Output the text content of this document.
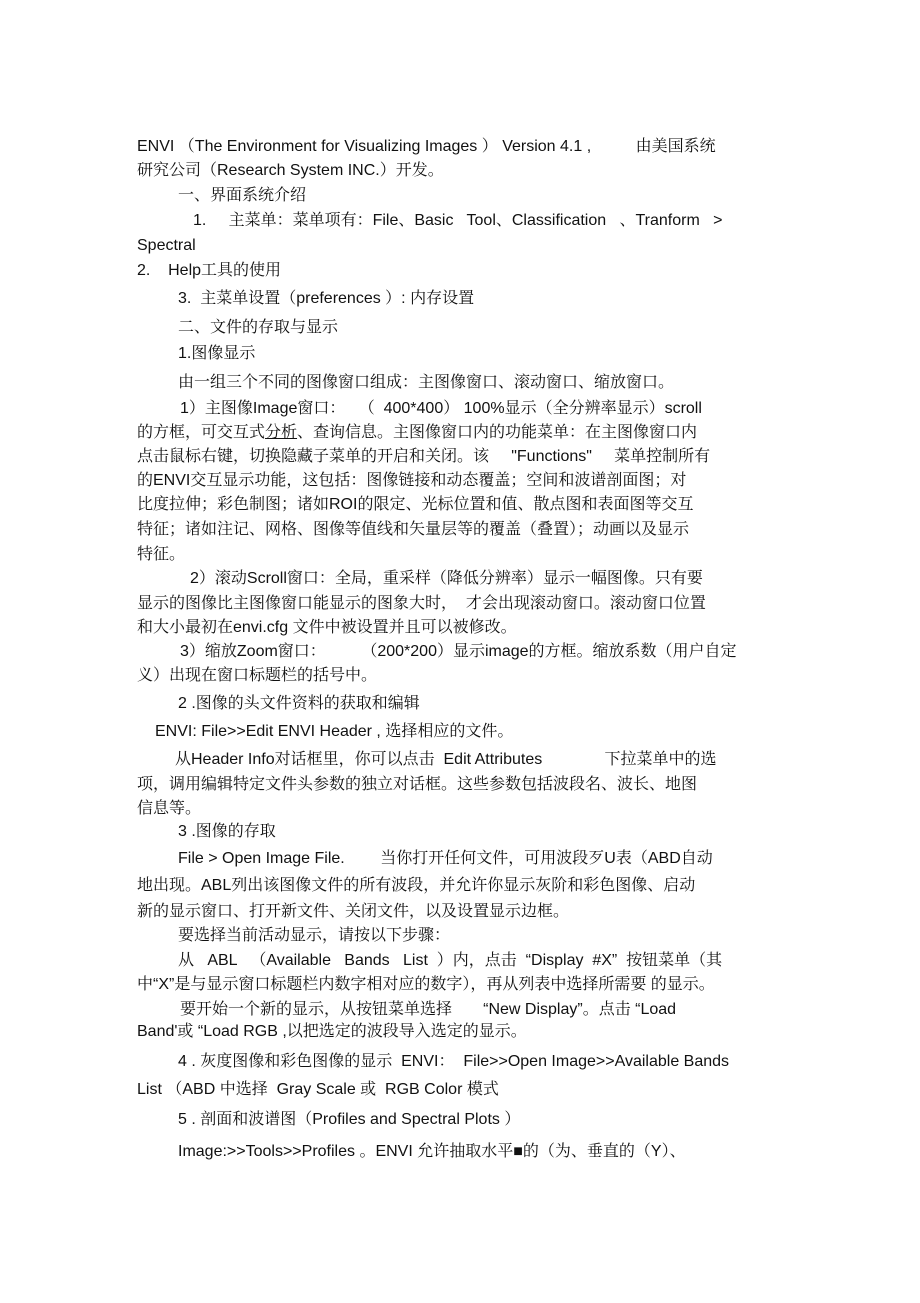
ENVI （The Environment for Visualizing Images ） Version 4.1 ,          由美国系统
研究公司（Research System INC.）开发。
一、界面系统介绍
1.     主菜单：菜单项有：File、Basic   Tool、Classification   、Tranform   >
Spectral
2.    Help工具的使用
3.  主菜单设置（preferences ）: 内存设置
二、文件的存取与显示
1.图像显示
由一组三个不同的图像窗口组成：主图像窗口、滚动窗口、缩放窗口。
1）主图像Image窗口：   （  400*400） 100%显示（全分辨率显示）scroll
的方框，可交互式分析、查询信息。主图像窗口内的功能菜单：在主图像窗口内
点击鼠标右键，切换隐藏子菜单的开启和关闭。该     "Functions"     菜单控制所有
的ENVI交互显示功能，这包括：图像链接和动态覆盖；空间和波谱剖面图；对
比度拉伸；彩色制图；诸如ROI的限定、光标位置和值、散点图和表面图等交互
特征；诸如注记、网格、图像等值线和矢量层等的覆盖（叠置）；动画以及显示
特征。
2）滚动Scroll窗口：全局，重采样（降低分辨率）显示一幅图像。只有要
显示的图像比主图像窗口能显示的图象大时，  才会出现滚动窗口。滚动窗口位置
和大小最初在envi.cfg 文件中被设置并且可以被修改。
3）缩放Zoom窗口：        （200*200）显示image的方框。缩放系数（用户自定
义）出现在窗口标题栏的括号中。
2 .图像的头文件资料的获取和编辑
ENVI: File>>Edit ENVI Header , 选择相应的文件。
从Header Info对话框里，你可以点击  Edit Attributes              下拉菜单中的选
项，调用编辑特定文件头参数的独立对话框。这些参数包括波段名、波长、地图
信息等。
3 .图像的存取
File > Open Image File.        当你打开任何文件，可用波段歹U表（ABD自动
地出现。ABL列出该图像文件的所有波段，并允许你显示灰阶和彩色图像、启动
新的显示窗口、打开新文件、关闭文件，以及设置显示边框。
要选择当前活动显示，请按以下步骤：
从   ABL   （Available   Bands   List  ）内，点击  “Display  #X”  按钮菜单（其
中“X”是与显示窗口标题栏内数字相对应的数字），再从列表中选择所需要 的显示。
要开始一个新的显示，从按钮菜单选择       “New Display”。点击 “Load
Band'或 “Load RGB ,以把选定的波段导入选定的显示。
4 . 灰度图像和彩色图像的显示  ENVI：  File>>Open Image>>Available Bands
List （ABD 中选择  Gray Scale 或  RGB Color 模式
5 . 剖面和波谱图（Profiles and Spectral Plots ）
Image:>>Tools>>Profiles 。ENVI 允许抽取水平■的（为、垂直的（Y）、
